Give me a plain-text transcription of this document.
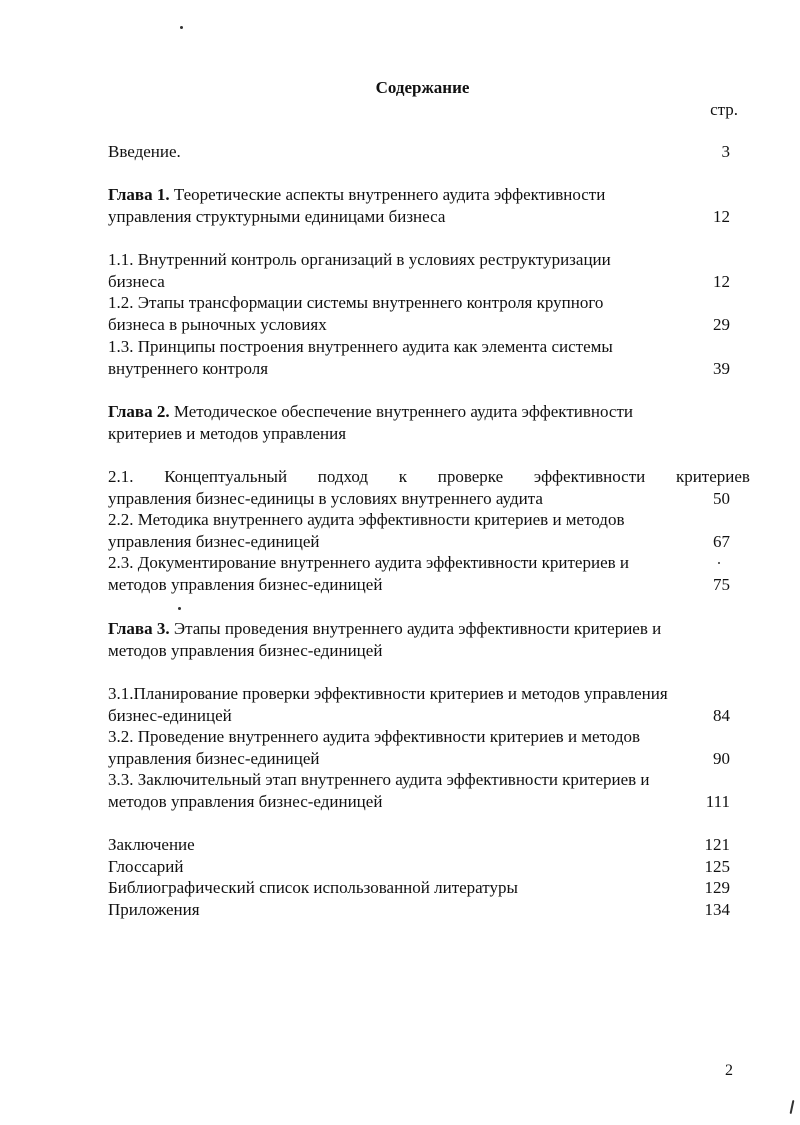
Содержание
стр.
Введение.	3
Глава 1. Теоретические аспекты внутреннего аудита эффективности
управления структурными единицами бизнеса	12
1.1. Внутренний контроль организаций в условиях реструктуризации
бизнеса	12
1.2. Этапы трансформации системы внутреннего контроля крупного
бизнеса в рыночных условиях	29
1.3. Принципы построения внутреннего аудита как элемента системы
внутреннего контроля	39
Глава 2. Методическое обеспечение внутреннего аудита эффективности
критериев и методов управления
2.1. Концептуальный подход к проверке эффективности критериев
управления бизнес-единицы в условиях внутреннего аудита	50
2.2. Методика внутреннего аудита эффективности критериев и методов
управления бизнес-единицей	67
2.3. Документирование внутреннего аудита эффективности критериев и
методов управления бизнес-единицей	75
Глава 3. Этапы проведения внутреннего аудита эффективности критериев и
методов управления бизнес-единицей
3.1.Планирование проверки эффективности критериев и методов управления
бизнес-единицей	84
3.2. Проведение внутреннего аудита эффективности критериев и методов
управления бизнес-единицей	90
3.3. Заключительный этап внутреннего аудита эффективности критериев и
методов управления бизнес-единицей	111
Заключение	121
Глоссарий	125
Библиографический список использованной литературы	129
Приложения	134
2
